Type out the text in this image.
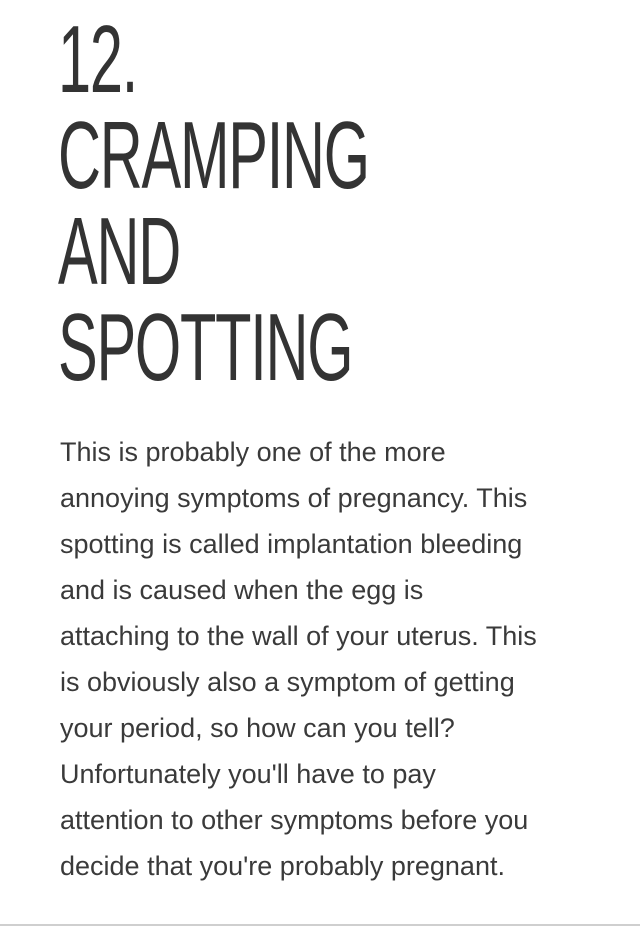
12.
CRAMPING
AND
SPOTTING

This is probably one of the more
annoying symptoms of pregnancy. This
spotting is called implantation bleeding
and is caused when the egg is
attaching to the wall of your uterus. This
is obviously also a symptom of getting
your period, so how can you tell?
Unfortunately you'll have to pay
attention to other symptoms before you
decide that you're probably pregnant.
